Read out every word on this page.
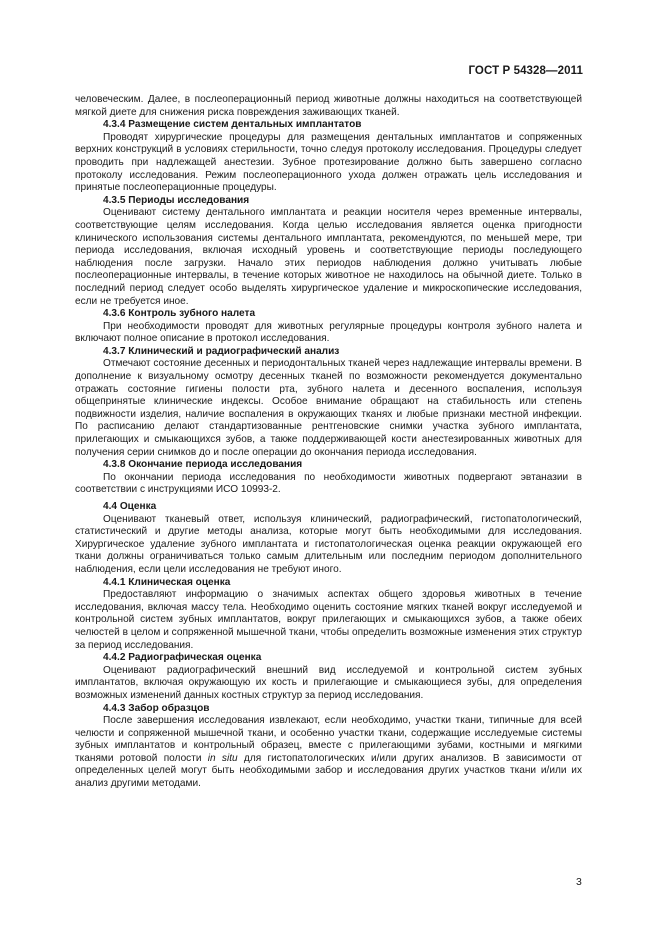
ГОСТ Р 54328—2011

человеческим. Далее, в послеоперационный период животные должны находиться на соответствующей мягкой диете для снижения риска повреждения заживающих тканей.

4.3.4 Размещение систем дентальных имплантатов

Проводят хирургические процедуры для размещения дентальных имплантатов и сопряженных верхних конструкций в условиях стерильности, точно следуя протоколу исследования. Процедуры следует проводить при надлежащей анестезии. Зубное протезирование должно быть завершено согласно протоколу исследования. Режим послеоперационного ухода должен отражать цель исследования и принятые послеоперационные процедуры.

4.3.5 Периоды исследования

Оценивают систему дентального имплантата и реакции носителя через временные интервалы, соответствующие целям исследования. Когда целью исследования является оценка пригодности клинического использования системы дентального имплантата, рекомендуются, по меньшей мере, три периода исследования, включая исходный уровень и соответствующие периоды последующего наблюдения после загрузки. Начало этих периодов наблюдения должно учитывать любые послеоперационные интервалы, в течение которых животное не находилось на обычной диете. Только в последний период следует особо выделять хирургическое удаление и микроскопические исследования, если не требуется иное.

4.3.6 Контроль зубного налета

При необходимости проводят для животных регулярные процедуры контроля зубного налета и включают полное описание в протокол исследования.

4.3.7 Клинический и радиографический анализ

Отмечают состояние десенных и периодонтальных тканей через надлежащие интервалы времени. В дополнение к визуальному осмотру десенных тканей по возможности рекомендуется документально отражать состояние гигиены полости рта, зубного налета и десенного воспаления, используя общепринятые клинические индексы. Особое внимание обращают на стабильность или степень подвижности изделия, наличие воспаления в окружающих тканях и любые признаки местной инфекции. По расписанию делают стандартизованные рентгеновские снимки участка зубного имплантата, прилегающих и смыкающихся зубов, а также поддерживающей кости анестезированных животных для получения серии снимков до и после операции до окончания периода исследования.

4.3.8 Окончание периода исследования

По окончании периода исследования по необходимости животных подвергают эвтаназии в соответствии с инструкциями ИСО 10993-2.

4.4 Оценка

Оценивают тканевый ответ, используя клинический, радиографический, гистопатологический, статистический и другие методы анализа, которые могут быть необходимыми для исследования. Хирургическое удаление зубного имплантата и гистопатологическая оценка реакции окружающей его ткани должны ограничиваться только самым длительным или последним периодом дополнительного наблюдения, если цели исследования не требуют иного.

4.4.1 Клиническая оценка

Предоставляют информацию о значимых аспектах общего здоровья животных в течение исследования, включая массу тела. Необходимо оценить состояние мягких тканей вокруг исследуемой и контрольной систем зубных имплантатов, вокруг прилегающих и смыкающихся зубов, а также обеих челюстей в целом и сопряженной мышечной ткани, чтобы определить возможные изменения этих структур за период исследования.

4.4.2 Радиографическая оценка

Оценивают радиографический внешний вид исследуемой и контрольной систем зубных имплантатов, включая окружающую их кость и прилегающие и смыкающиеся зубы, для определения возможных изменений данных костных структур за период исследования.

4.4.3 Забор образцов

После завершения исследования извлекают, если необходимо, участки ткани, типичные для всей челюсти и сопряженной мышечной ткани, и особенно участки ткани, содержащие исследуемые системы зубных имплантатов и контрольный образец, вместе с прилегающими зубами, костными и мягкими тканями ротовой полости in situ для гистопатологических и/или других анализов. В зависимости от определенных целей могут быть необходимыми забор и исследования других участков ткани и/или их анализ другими методами.

3
